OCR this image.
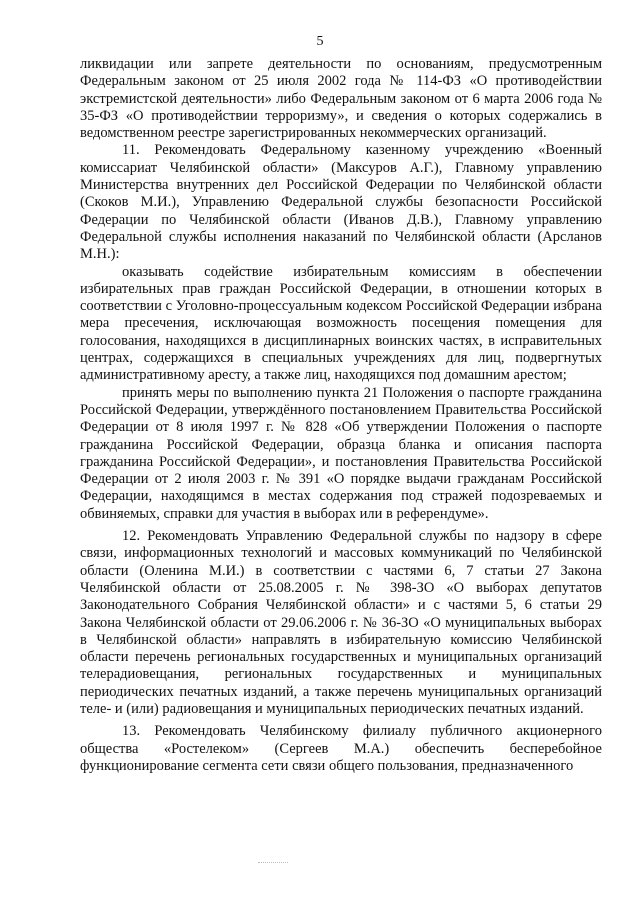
5

ликвидации или запрете деятельности по основаниям, предусмотренным Федеральным законом от 25 июля 2002 года № 114-ФЗ «О противодействии экстремистской деятельности» либо Федеральным законом от 6 марта 2006 года № 35-ФЗ «О противодействии терроризму», и сведения о которых содержались в ведомственном реестре зарегистрированных некоммерческих организаций.

11. Рекомендовать Федеральному казенному учреждению «Военный комиссариат Челябинской области» (Максуров А.Г.), Главному управлению Министерства внутренних дел Российской Федерации по Челябинской области (Скоков М.И.), Управлению Федеральной службы безопасности Российской Федерации по Челябинской области (Иванов Д.В.), Главному управлению Федеральной службы исполнения наказаний по Челябинской области (Арсланов М.Н.):

оказывать содействие избирательным комиссиям в обеспечении избирательных прав граждан Российской Федерации, в отношении которых в соответствии с Уголовно-процессуальным кодексом Российской Федерации избрана мера пресечения, исключающая возможность посещения помещения для голосования, находящихся в дисциплинарных воинских частях, в исправительных центрах, содержащихся в специальных учреждениях для лиц, подвергнутых административному аресту, а также лиц, находящихся под домашним арестом;

принять меры по выполнению пункта 21 Положения о паспорте гражданина Российской Федерации, утверждённого постановлением Правительства Российской Федерации от 8 июля 1997 г. № 828 «Об утверждении Положения о паспорте гражданина Российской Федерации, образца бланка и описания паспорта гражданина Российской Федерации», и постановления Правительства Российской Федерации от 2 июля 2003 г. № 391 «О порядке выдачи гражданам Российской Федерации, находящимся в местах содержания под стражей подозреваемых и обвиняемых, справки для участия в выборах или в референдуме».

12. Рекомендовать Управлению Федеральной службы по надзору в сфере связи, информационных технологий и массовых коммуникаций по Челябинской области (Оленина М.И.) в соответствии с частями 6, 7 статьи 27 Закона Челябинской области от 25.08.2005 г. № 398-ЗО «О выборах депутатов Законодательного Собрания Челябинской области» и с частями 5, 6 статьи 29 Закона Челябинской области от 29.06.2006 г. № 36-ЗО «О муниципальных выборах в Челябинской области» направлять в избирательную комиссию Челябинской области перечень региональных государственных и муниципальных организаций телерадиовещания, региональных государственных и муниципальных периодических печатных изданий, а также перечень муниципальных организаций теле- и (или) радиовещания и муниципальных периодических печатных изданий.

13. Рекомендовать Челябинскому филиалу публичного акционерного общества «Ростелеком» (Сергеев М.А.) обеспечить бесперебойное функционирование сегмента сети связи общего пользования, предназначенного
